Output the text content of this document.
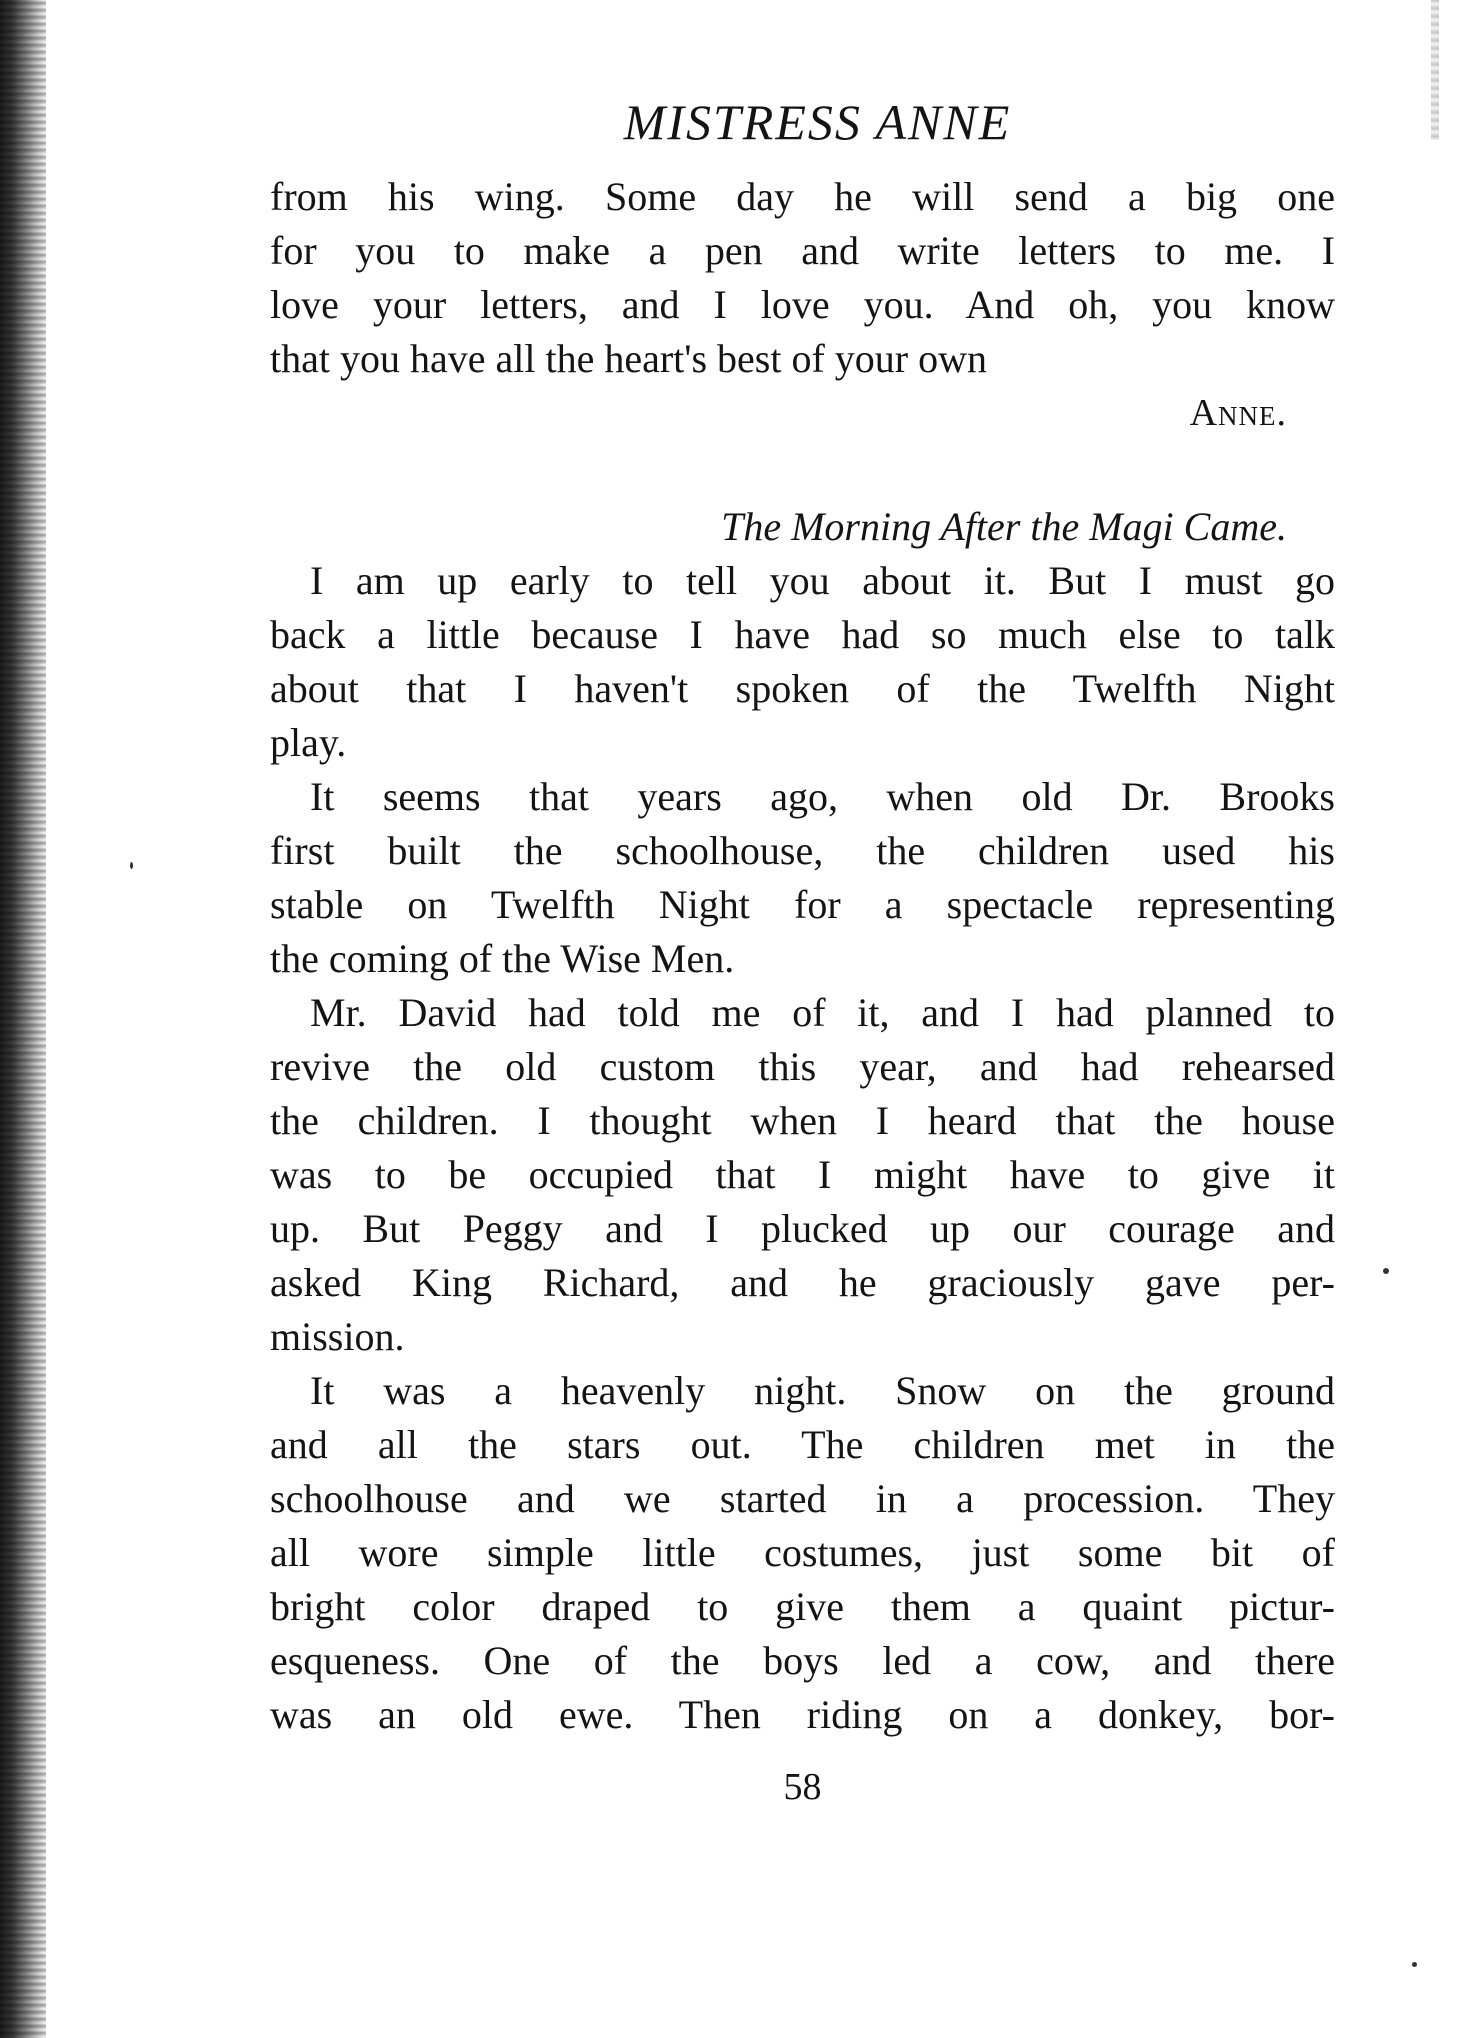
MISTRESS ANNE
from his wing. Some day he will send a big one
for you to make a pen and write letters to me. I
love your letters, and I love you. And oh, you know
that you have all the heart's best of your own
Anne.
The Morning After the Magi Came.
I am up early to tell you about it. But I must go
back a little because I have had so much else to talk
about that I haven't spoken of the Twelfth Night
play.
It seems that years ago, when old Dr. Brooks
first built the schoolhouse, the children used his
stable on Twelfth Night for a spectacle representing
the coming of the Wise Men.
Mr. David had told me of it, and I had planned to
revive the old custom this year, and had rehearsed
the children. I thought when I heard that the house
was to be occupied that I might have to give it
up. But Peggy and I plucked up our courage and
asked King Richard, and he graciously gave per-
mission.
It was a heavenly night. Snow on the ground
and all the stars out. The children met in the
schoolhouse and we started in a procession. They
all wore simple little costumes, just some bit of
bright color draped to give them a quaint pictur-
esqueness. One of the boys led a cow, and there
was an old ewe. Then riding on a donkey, bor-
58
